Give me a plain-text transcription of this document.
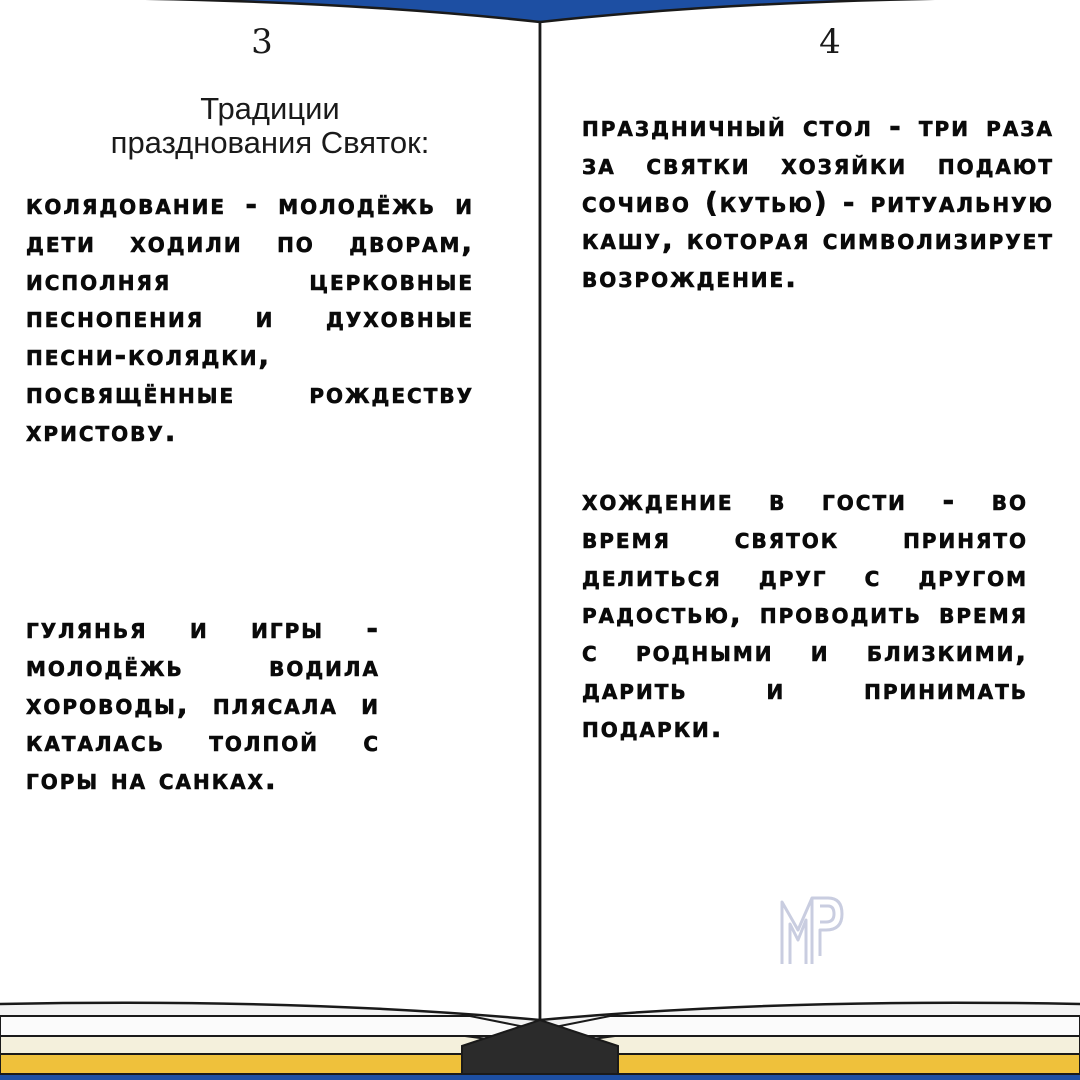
3	4
Традиции
празднования Святок:

колядование - молодёжь и дети ходили по дворам, исполняя церковные песнопения и духовные песни-колядки, посвящённые рождеству христову.

гулянья и игры - молодёжь водила хороводы, плясала и каталась толпой с горы на санках.

праздничный стол - три раза за святки хозяйки подают сочиво (кутью) - ритуальную кашу, которая символизирует возрождение.

хождение в гости - во время святок принято делиться друг с другом радостью, проводить время с родными и близкими, дарить и принимать подарки.
